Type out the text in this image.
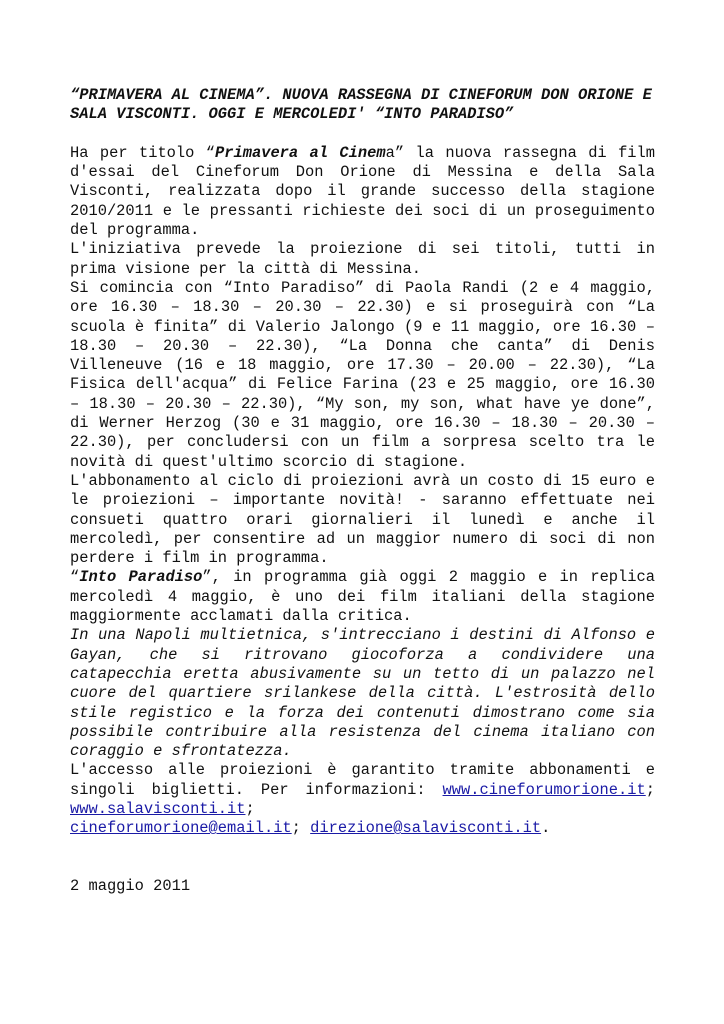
“PRIMAVERA AL CINEMA”. NUOVA RASSEGNA DI CINEFORUM DON ORIONE E SALA VISCONTI. OGGI E MERCOLEDI' “INTO PARADISO”

Ha per titolo “Primavera al Cinema” la nuova rassegna di film d'essai del Cineforum Don Orione di Messina e della Sala Visconti, realizzata dopo il grande successo della stagione 2010/2011 e le pressanti richieste dei soci di un proseguimento del programma.

L'iniziativa prevede la proiezione di sei titoli, tutti in prima visione per la città di Messina.

Si comincia con “Into Paradiso” di Paola Randi (2 e 4 maggio, ore 16.30 – 18.30 – 20.30 – 22.30) e si proseguirà con “La scuola è finita” di Valerio Jalongo (9 e 11 maggio, ore 16.30 – 18.30 – 20.30 – 22.30), “La Donna che canta” di Denis Villeneuve (16 e 18 maggio, ore 17.30 – 20.00 – 22.30), “La Fisica dell'acqua” di Felice Farina (23 e 25 maggio, ore 16.30 – 18.30 – 20.30 – 22.30), “My son, my son, what have ye done”, di Werner Herzog (30 e 31 maggio, ore 16.30 – 18.30 – 20.30 – 22.30), per concludersi con un film a sorpresa scelto tra le novità di quest'ultimo scorcio di stagione.

L'abbonamento al ciclo di proiezioni avrà un costo di 15 euro e le proiezioni – importante novità! - saranno effettuate nei consueti quattro orari giornalieri il lunedì e anche il mercoledì, per consentire ad un maggior numero di soci di non perdere i film in programma.

“Into Paradiso”, in programma già oggi 2 maggio e in replica mercoledì 4 maggio, è uno dei film italiani della stagione maggiormente acclamati dalla critica.

In una Napoli multietnica, s'intrecciano i destini di Alfonso e Gayan, che si ritrovano giocoforza a condividere una catapecchia eretta abusivamente su un tetto di un palazzo nel cuore del quartiere srilankese della città. L'estrosità dello stile registico e la forza dei contenuti dimostrano come sia possibile contribuire alla resistenza del cinema italiano con coraggio e sfrontatezza.

L'accesso alle proiezioni è garantito tramite abbonamenti e singoli biglietti. Per informazioni: www.cineforumorione.it; www.salavisconti.it;

cineforumorione@email.it; direzione@salavisconti.it.

2 maggio 2011
